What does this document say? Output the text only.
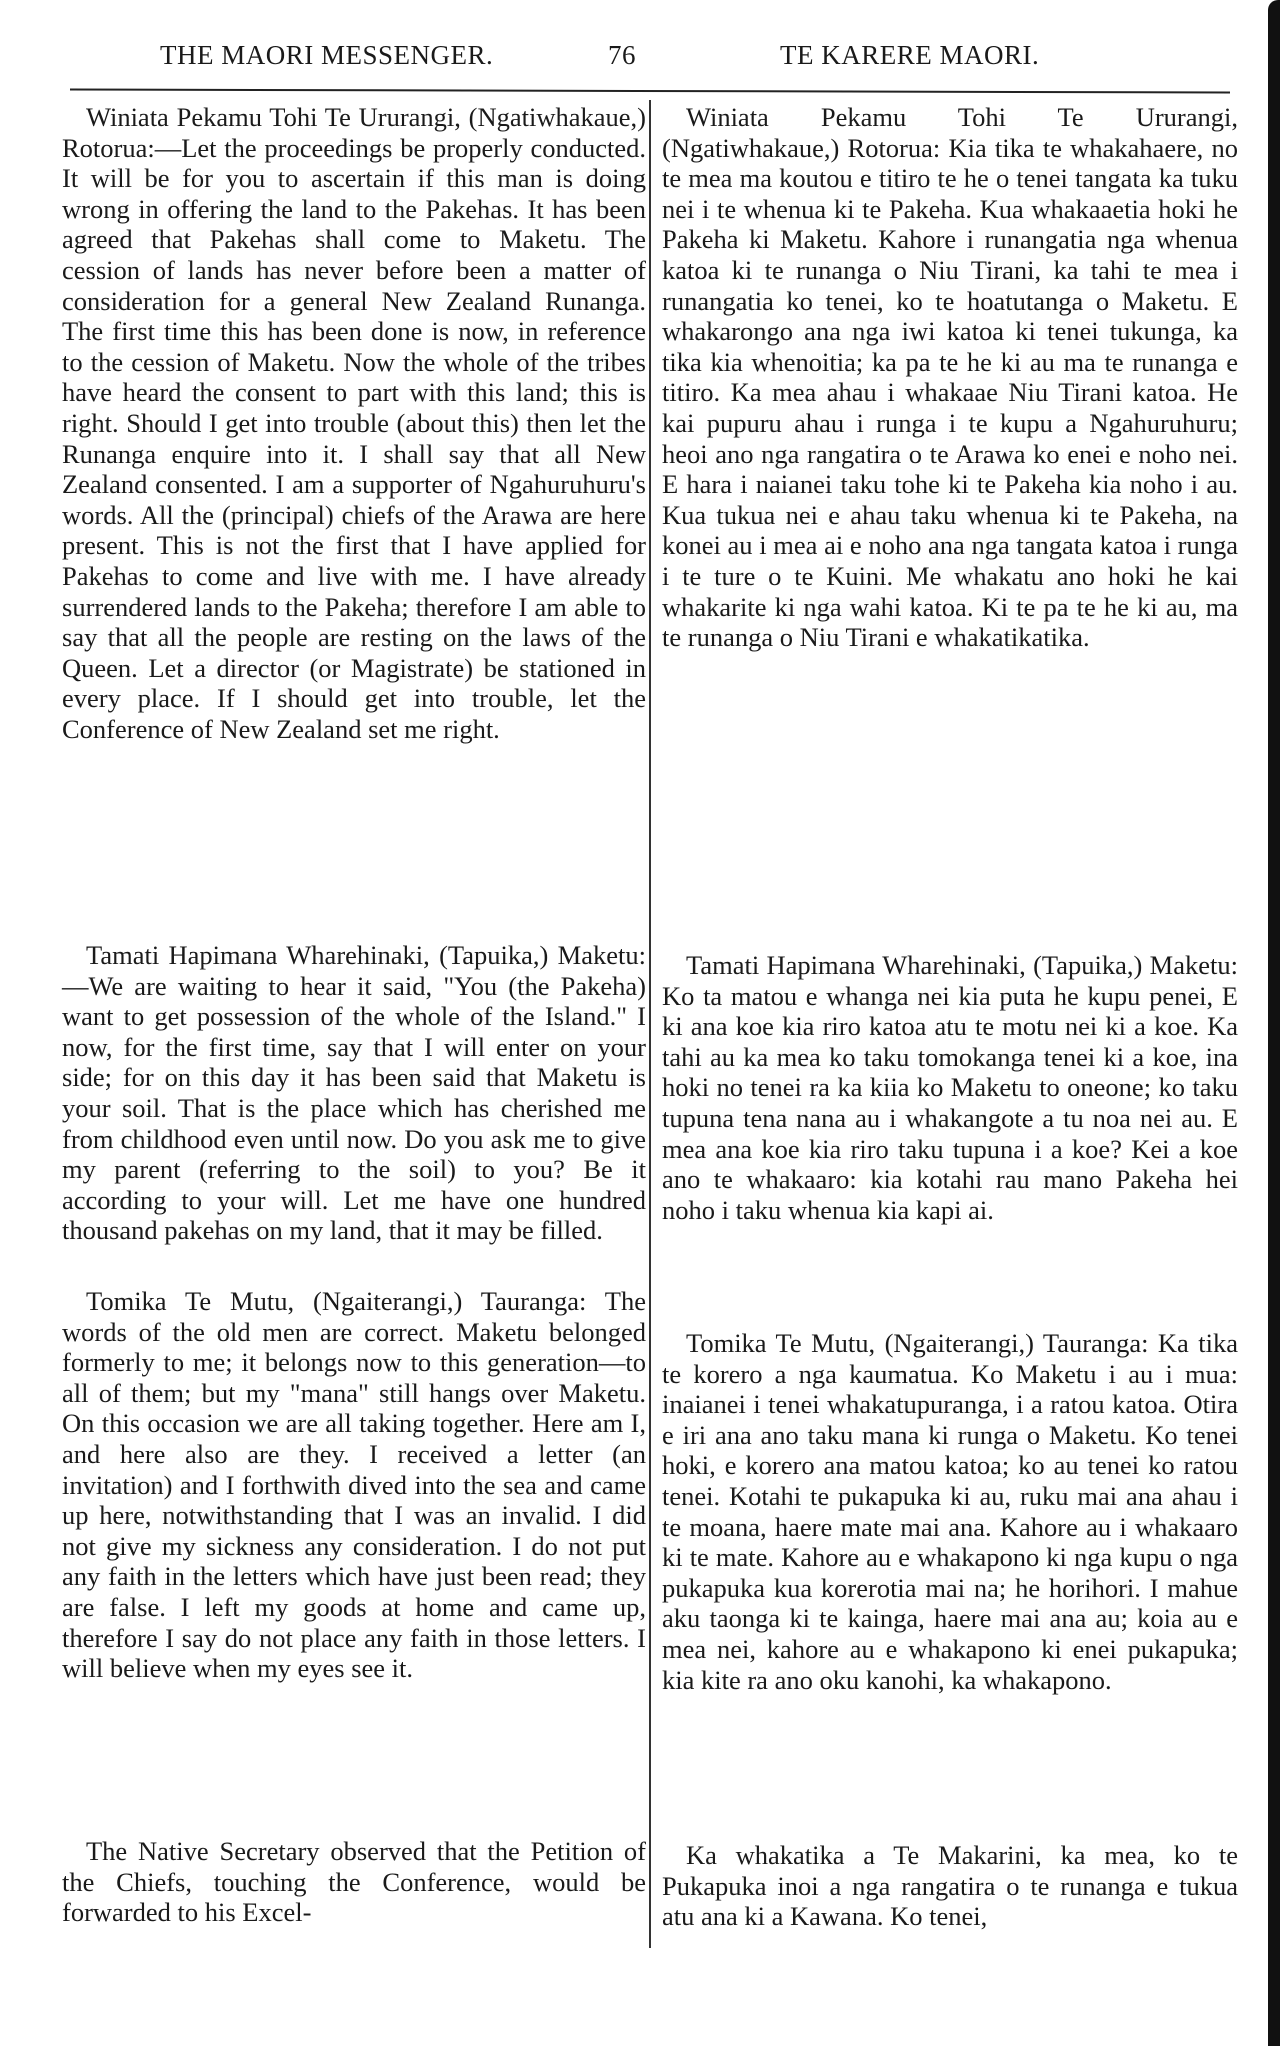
THE MAORI MESSENGER.	76	TE KARERE MAORI.

Winiata Pekamu Tohi Te Ururangi, (Ngatiwhakaue,) Rotorua:—Let the proceedings be properly conducted. It will be for you to ascertain if this man is doing wrong in offering the land to the Pakehas. It has been agreed that Pakehas shall come to Maketu. The cession of lands has never before been a matter of consideration for a general New Zealand Runanga. The first time this has been done is now, in reference to the cession of Maketu. Now the whole of the tribes have heard the consent to part with this land; this is right. Should I get into trouble (about this) then let the Runanga enquire into it. I shall say that all New Zealand consented. I am a supporter of Ngahuruhuru's words. All the (principal) chiefs of the Arawa are here present. This is not the first that I have applied for Pakehas to come and live with me. I have already surrendered lands to the Pakeha; therefore I am able to say that all the people are resting on the laws of the Queen. Let a director (or Magistrate) be stationed in every place. If I should get into trouble, let the Conference of New Zealand set me right.

Tamati Hapimana Wharehinaki, (Tapuika,) Maketu:—We are waiting to hear it said, "You (the Pakeha) want to get possession of the whole of the Island." I now, for the first time, say that I will enter on your side; for on this day it has been said that Maketu is your soil. That is the place which has cherished me from childhood even until now. Do you ask me to give my parent (referring to the soil) to you? Be it according to your will. Let me have one hundred thousand pakehas on my land, that it may be filled.

Tomika Te Mutu, (Ngaiterangi,) Tauranga: The words of the old men are correct. Maketu belonged formerly to me; it belongs now to this generation—to all of them; but my "mana" still hangs over Maketu. On this occasion we are all taking together. Here am I, and here also are they. I received a letter (an invitation) and I forthwith dived into the sea and came up here, notwithstanding that I was an invalid. I did not give my sickness any consideration. I do not put any faith in the letters which have just been read; they are false. I left my goods at home and came up, therefore I say do not place any faith in those letters. I will believe when my eyes see it.

The Native Secretary observed that the Petition of the Chiefs, touching the Conference, would be forwarded to his Excel-

Winiata Pekamu Tohi Te Ururangi, (Ngatiwhakaue,) Rotorua: Kia tika te whakahaere, no te mea ma koutou e titiro te he o tenei tangata ka tuku nei i te whenua ki te Pakeha. Kua whakaaetia hoki he Pakeha ki Maketu. Kahore i runangatia nga whenua katoa ki te runanga o Niu Tirani, ka tahi te mea i runangatia ko tenei, ko te hoatutanga o Maketu. E whakarongo ana nga iwi katoa ki tenei tukunga, ka tika kia whenoitia; ka pa te he ki au ma te runanga e titiro. Ka mea ahau i whakaae Niu Tirani katoa. He kai pupuru ahau i runga i te kupu a Ngahuruhuru; heoi ano nga rangatira o te Arawa ko enei e noho nei. E hara i naianei taku tohe ki te Pakeha kia noho i au. Kua tukua nei e ahau taku whenua ki te Pakeha, na konei au i mea ai e noho ana nga tangata katoa i runga i te ture o te Kuini. Me whakatu ano hoki he kai whakarite ki nga wahi katoa. Ki te pa te he ki au, ma te runanga o Niu Tirani e whakatikatika.

Tamati Hapimana Wharehinaki, (Tapuika,) Maketu: Ko ta matou e whanga nei kia puta he kupu penei, E ki ana koe kia riro katoa atu te motu nei ki a koe. Ka tahi au ka mea ko taku tomokanga tenei ki a koe, ina hoki no tenei ra ka kiia ko Maketu to oneone; ko taku tupuna tena nana au i whakangote a tu noa nei au. E mea ana koe kia riro taku tupuna i a koe? Kei a koe ano te whakaaro: kia kotahi rau mano Pakeha hei noho i taku whenua kia kapi ai.

Tomika Te Mutu, (Ngaiterangi,) Tauranga: Ka tika te korero a nga kaumatua. Ko Maketu i au i mua: inaianei i tenei whakatupuranga, i a ratou katoa. Otira e iri ana ano taku mana ki runga o Maketu. Ko tenei hoki, e korero ana matou katoa; ko au tenei ko ratou tenei. Kotahi te pukapuka ki au, ruku mai ana ahau i te moana, haere mate mai ana. Kahore au i whakaaro ki te mate. Kahore au e whakapono ki nga kupu o nga pukapuka kua korerotia mai na; he horihori. I mahue aku taonga ki te kainga, haere mai ana au; koia au e mea nei, kahore au e whakapono ki enei pukapuka; kia kite ra ano oku kanohi, ka whakapono.

Ka whakatika a Te Makarini, ka mea, ko te Pukapuka inoi a nga rangatira o te runanga e tukua atu ana ki a Kawana. Ko tenei,
